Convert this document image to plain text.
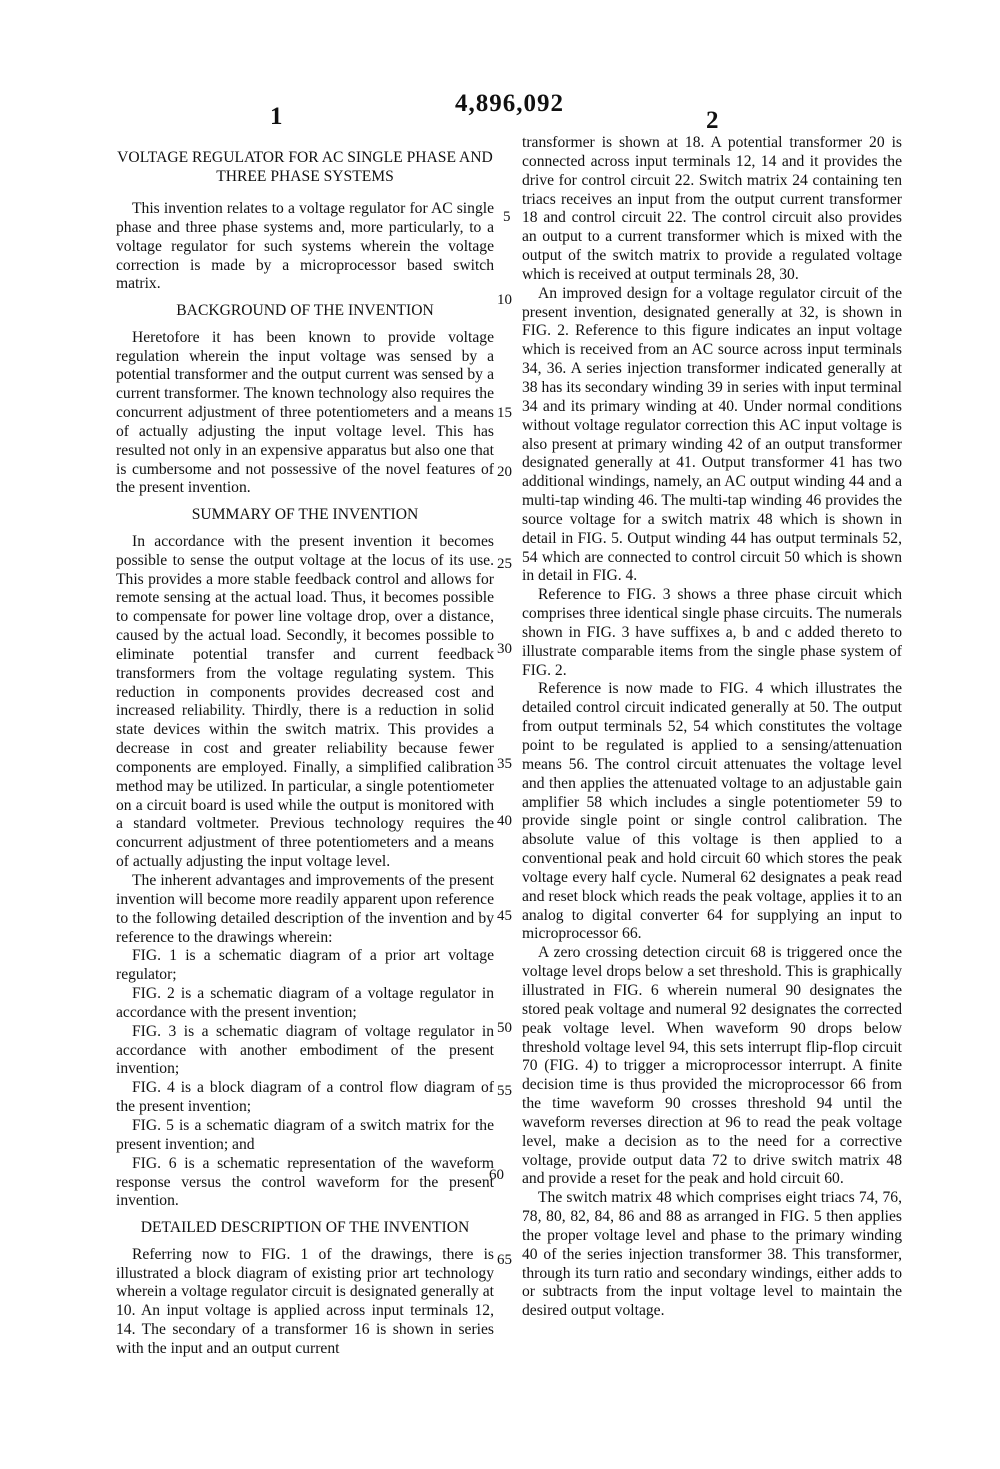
1	4,896,092
2
VOLTAGE REGULATOR FOR AC SINGLE PHASE AND THREE PHASE SYSTEMS

This invention relates to a voltage regulator for AC single phase and three phase systems and, more particularly, to a voltage regulator for such systems wherein the voltage correction is made by a microprocessor based switch matrix.

BACKGROUND OF THE INVENTION

Heretofore it has been known to provide voltage regulation wherein the input voltage was sensed by a potential transformer and the output current was sensed by a current transformer. The known technology also requires the concurrent adjustment of three potentiometers and a means of actually adjusting the input voltage level. This has resulted not only in an expensive apparatus but also one that is cumbersome and not possessive of the novel features of the present invention.

SUMMARY OF THE INVENTION

In accordance with the present invention it becomes possible to sense the output voltage at the locus of its use. This provides a more stable feedback control and allows for remote sensing at the actual load. Thus, it becomes possible to compensate for power line voltage drop, over a distance, caused by the actual load. Secondly, it becomes possible to eliminate potential transfer and current feedback transformers from the voltage regulating system. This reduction in components provides decreased cost and increased reliability. Thirdly, there is a reduction in solid state devices within the switch matrix. This provides a decrease in cost and greater reliability because fewer components are employed. Finally, a simplified calibration method may be utilized. In particular, a single potentiometer on a circuit board is used while the output is monitored with a standard voltmeter. Previous technology requires the concurrent adjustment of three potentiometers and a means of actually adjusting the input voltage level.

The inherent advantages and improvements of the present invention will become more readily apparent upon reference to the following detailed description of the invention and by reference to the drawings wherein:

FIG. 1 is a schematic diagram of a prior art voltage regulator;

FIG. 2 is a schematic diagram of a voltage regulator in accordance with the present invention;

FIG. 3 is a schematic diagram of voltage regulator in accordance with another embodiment of the present invention;

FIG. 4 is a block diagram of a control flow diagram of the present invention;

FIG. 5 is a schematic diagram of a switch matrix for the present invention; and

FIG. 6 is a schematic representation of the waveform response versus the control waveform for the present invention.

DETAILED DESCRIPTION OF THE INVENTION

Referring now to FIG. 1 of the drawings, there is illustrated a block diagram of existing prior art technology wherein a voltage regulator circuit is designated generally at 10. An input voltage is applied across input terminals 12, 14. The secondary of a transformer 16 is shown in series with the input and an output current

transformer is shown at 18. A potential transformer 20 is connected across input terminals 12, 14 and it provides the drive for control circuit 22. Switch matrix 24 containing ten triacs receives an input from the output current transformer 18 and control circuit 22. The control circuit also provides an output to a current transformer which is mixed with the output of the switch matrix to provide a regulated voltage which is received at output terminals 28, 30.

An improved design for a voltage regulator circuit of the present invention, designated generally at 32, is shown in FIG. 2. Reference to this figure indicates an input voltage which is received from an AC source across input terminals 34, 36. A series injection transformer indicated generally at 38 has its secondary winding 39 in series with input terminal 34 and its primary winding at 40. Under normal conditions without voltage regulator correction this AC input voltage is also present at primary winding 42 of an output transformer designated generally at 41. Output transformer 41 has two additional windings, namely, an AC output winding 44 and a multi-tap winding 46. The multi-tap winding 46 provides the source voltage for a switch matrix 48 which is shown in detail in FIG. 5. Output winding 44 has output terminals 52, 54 which are connected to control circuit 50 which is shown in detail in FIG. 4.

Reference to FIG. 3 shows a three phase circuit which comprises three identical single phase circuits. The numerals shown in FIG. 3 have suffixes a, b and c added thereto to illustrate comparable items from the single phase system of FIG. 2.

Reference is now made to FIG. 4 which illustrates the detailed control circuit indicated generally at 50. The output from output terminals 52, 54 which constitutes the voltage point to be regulated is applied to a sensing/attenuation means 56. The control circuit attenuates the voltage level and then applies the attenuated voltage to an adjustable gain amplifier 58 which includes a single potentiometer 59 to provide single point or single control calibration. The absolute value of this voltage is then applied to a conventional peak and hold circuit 60 which stores the peak voltage every half cycle. Numeral 62 designates a peak read and reset block which reads the peak voltage, applies it to an analog to digital converter 64 for supplying an input to microprocessor 66.

A zero crossing detection circuit 68 is triggered once the voltage level drops below a set threshold. This is graphically illustrated in FIG. 6 wherein numeral 90 designates the stored peak voltage and numeral 92 designates the corrected peak voltage level. When waveform 90 drops below threshold voltage level 94, this sets interrupt flip-flop circuit 70 (FIG. 4) to trigger a microprocessor interrupt. A finite decision time is thus provided the microprocessor 66 from the time waveform 90 crosses threshold 94 until the waveform reverses direction at 96 to read the peak voltage level, make a decision as to the need for a corrective voltage, provide output data 72 to drive switch matrix 48 and provide a reset for the peak and hold circuit 60.

The switch matrix 48 which comprises eight triacs 74, 76, 78, 80, 82, 84, 86 and 88 as arranged in FIG. 5 then applies the proper voltage level and phase to the primary winding 40 of the series injection transformer 38. This transformer, through its turn ratio and secondary windings, either adds to or subtracts from the input voltage level to maintain the desired output voltage.

5
10
15
20
25
30
35
40
45
50
55
60
65
